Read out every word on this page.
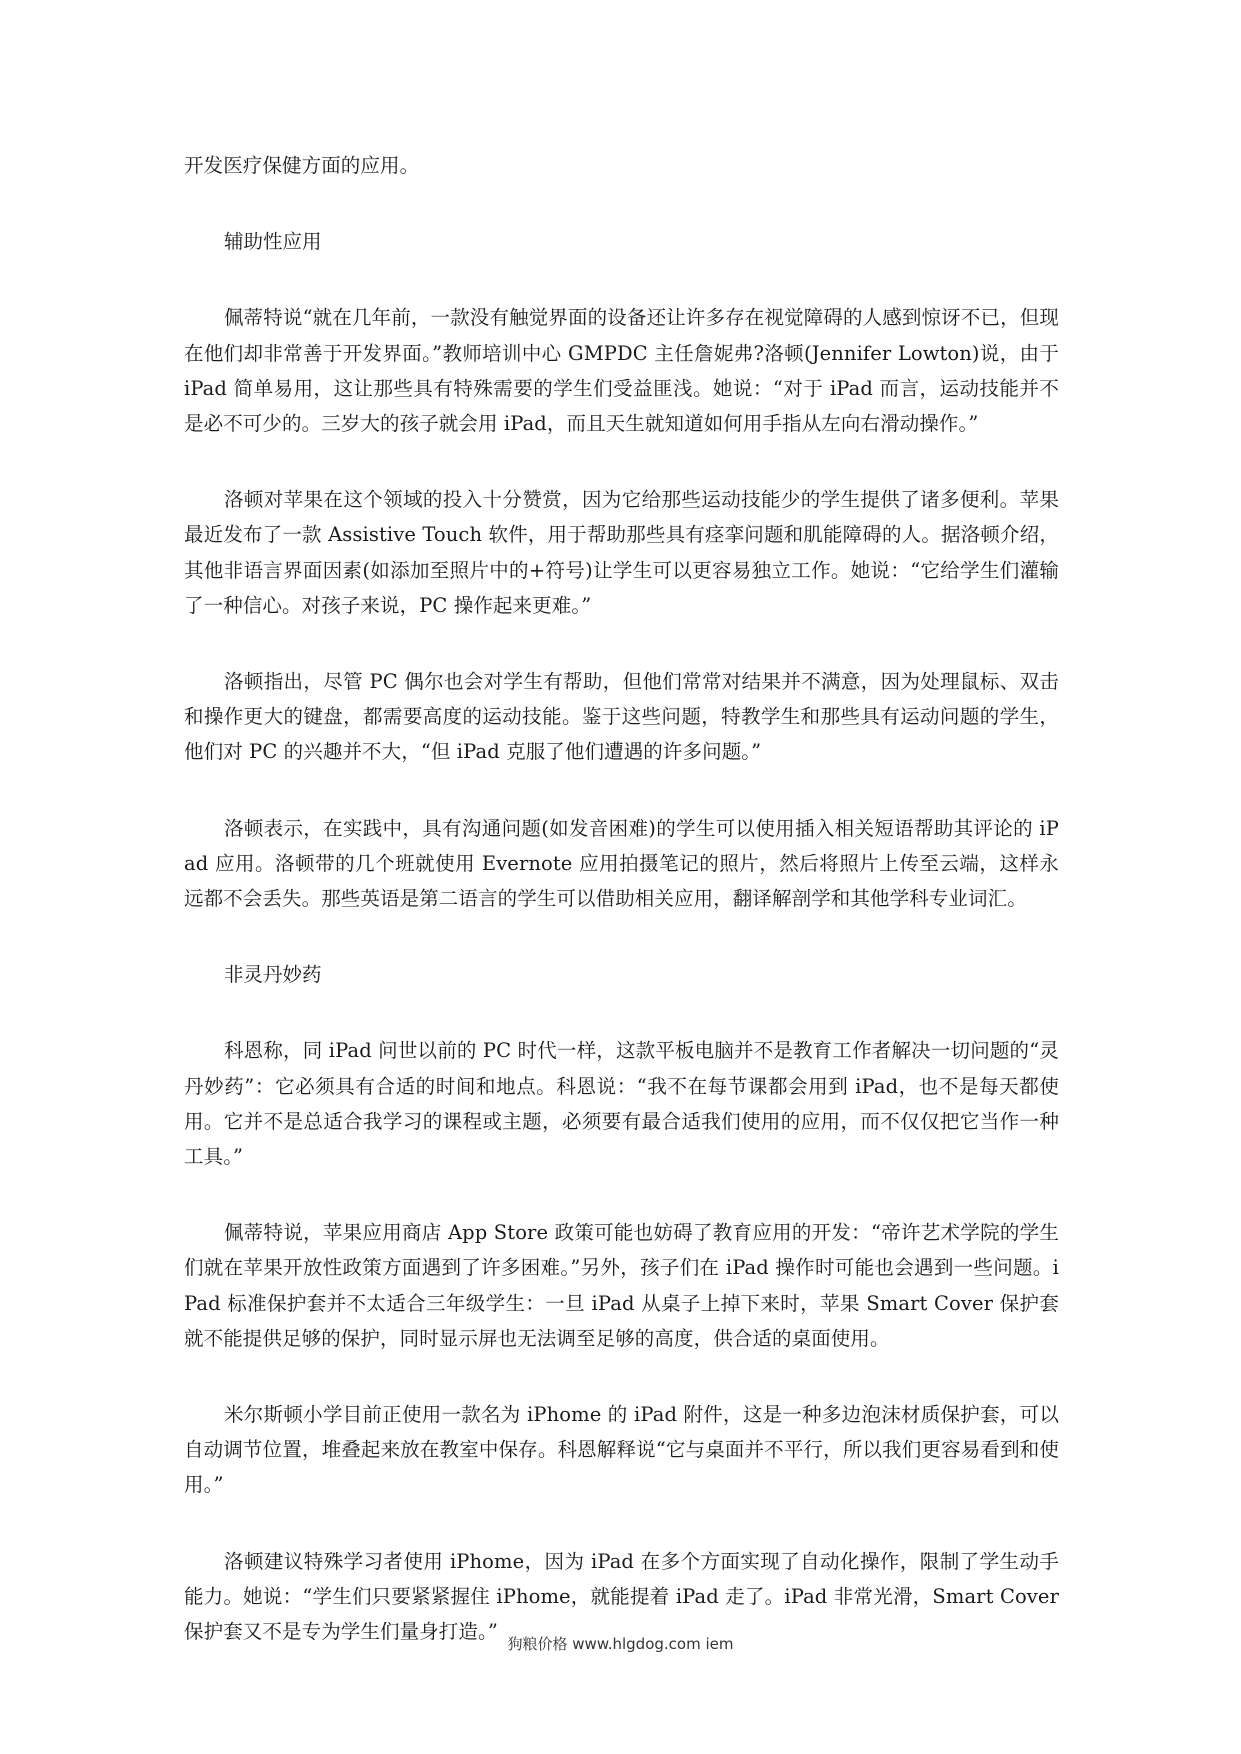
开发医疗保健方面的应用。

辅助性应用

佩蒂特说“就在几年前，一款没有触觉界面的设备还让许多存在视觉障碍的人感到惊讶不已，但现在他们却非常善于开发界面。”教师培训中心 GMPDC 主任詹妮弗?洛顿(Jennifer Lowton)说，由于 iPad 简单易用，这让那些具有特殊需要的学生们受益匪浅。她说：“对于 iPad 而言，运动技能并不是必不可少的。三岁大的孩子就会用 iPad，而且天生就知道如何用手指从左向右滑动操作。”

洛顿对苹果在这个领域的投入十分赞赏，因为它给那些运动技能少的学生提供了诸多便利。苹果最近发布了一款 Assistive Touch 软件，用于帮助那些具有痉挛问题和肌能障碍的人。据洛顿介绍，其他非语言界面因素(如添加至照片中的+符号)让学生可以更容易独立工作。她说：“它给学生们灌输了一种信心。对孩子来说，PC 操作起来更难。”

洛顿指出，尽管 PC 偶尔也会对学生有帮助，但他们常常对结果并不满意，因为处理鼠标、双击和操作更大的键盘，都需要高度的运动技能。鉴于这些问题，特教学生和那些具有运动问题的学生，他们对 PC 的兴趣并不大，“但 iPad 克服了他们遭遇的许多问题。”

洛顿表示，在实践中，具有沟通问题(如发音困难)的学生可以使用插入相关短语帮助其评论的 iPad 应用。洛顿带的几个班就使用 Evernote 应用拍摄笔记的照片，然后将照片上传至云端，这样永远都不会丢失。那些英语是第二语言的学生可以借助相关应用，翻译解剖学和其他学科专业词汇。

非灵丹妙药

科恩称，同 iPad 问世以前的 PC 时代一样，这款平板电脑并不是教育工作者解决一切问题的“灵丹妙药”：它必须具有合适的时间和地点。科恩说：“我不在每节课都会用到 iPad，也不是每天都使用。它并不是总适合我学习的课程或主题，必须要有最合适我们使用的应用，而不仅仅把它当作一种工具。”

佩蒂特说，苹果应用商店 App Store 政策可能也妨碍了教育应用的开发：“帝许艺术学院的学生们就在苹果开放性政策方面遇到了许多困难。”另外，孩子们在 iPad 操作时可能也会遇到一些问题。iPad 标准保护套并不太适合三年级学生：一旦 iPad 从桌子上掉下来时，苹果 Smart Cover 保护套就不能提供足够的保护，同时显示屏也无法调至足够的高度，供合适的桌面使用。

米尔斯顿小学目前正使用一款名为 iPhome 的 iPad 附件，这是一种多边泡沫材质保护套，可以自动调节位置，堆叠起来放在教室中保存。科恩解释说“它与桌面并不平行，所以我们更容易看到和使用。”

洛顿建议特殊学习者使用 iPhome，因为 iPad 在多个方面实现了自动化操作，限制了学生动手能力。她说：“学生们只要紧紧握住 iPhome，就能提着 iPad 走了。iPad 非常光滑，Smart Cover 保护套又不是专为学生们量身打造。”

狗粮价格 www.hlgdog.com iem
